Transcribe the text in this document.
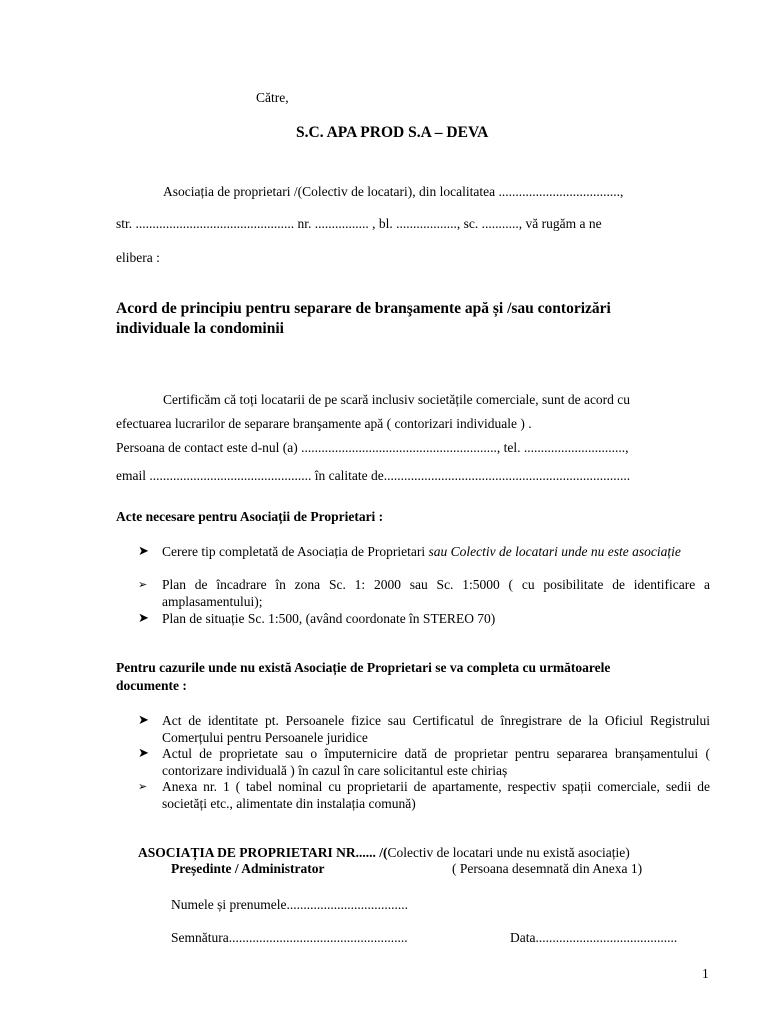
Către,
S.C. APA PROD S.A – DEVA
Asociația de proprietari /(Colectiv de locatari), din localitatea ....................................,
str. ............................................... nr. ................ , bl. .................., sc. ..........., vă rugăm a ne
elibera :
Acord de principiu pentru separare de branşamente apă și /sau contorizări
individuale la condominii
Certificăm că toți locatarii de pe scară inclusiv societățile comerciale, sunt de acord cu
efectuarea lucrarilor de separare branşamente apă ( contorizari individuale ) .
Persoana de contact este d-nul (a) .........................................................., tel. ..............................,
email ................................................ în calitate de.........................................................................
Acte necesare pentru Asociații de Proprietari :
➤ Cerere tip completată de Asociația de Proprietari sau Colectiv de locatari unde nu este asociație
➢	Plan de încadrare în zona Sc. 1: 2000 sau Sc. 1:5000 ( cu posibilitate de identificare a amplasamentului);
➤ Plan de situație Sc. 1:500, (având coordonate în STEREO 70)
Pentru cazurile unde nu există Asociație de Proprietari se va completa cu următoarele
documente :
➤ Act de identitate pt. Persoanele fizice sau Certificatul de înregistrare de la Oficiul Registrului Comerțului pentru Persoanele juridice
➤ Actul de proprietate sau o împuternicire dată de proprietar pentru separarea branșamentului ( contorizare individuală ) în cazul în care solicitantul este chiriaș
➢	Anexa nr. 1 ( tabel nominal cu proprietarii de apartamente, respectiv spații comerciale, sedii de societăți etc., alimentate din instalația comună)
ASOCIAȚIA DE PROPRIETARI NR...... /(Colectiv de locatari unde nu există asociație)
Președinte / Administrator	( Persoana desemnată din Anexa 1)
Numele și prenumele....................................
Semnătura.....................................................	Data..........................................
1
